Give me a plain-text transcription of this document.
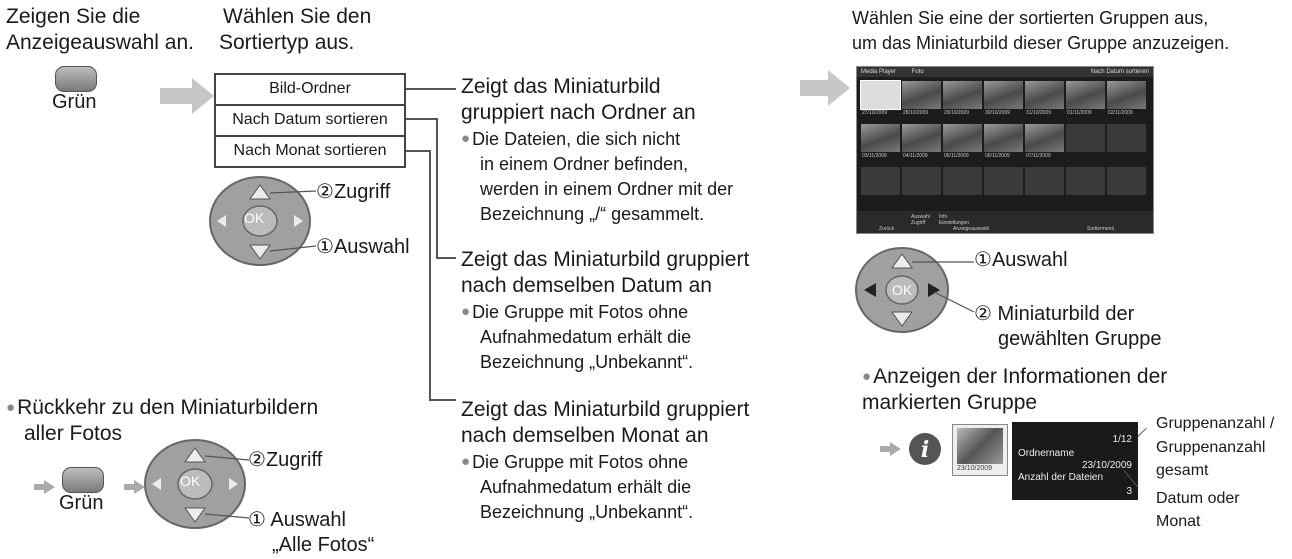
Zeigen Sie die
Anzeigeauswahl an.
Grün
Wählen Sie den
Sortiertyp aus.
Bild-Ordner
Nach Datum sortieren
Nach Monat sortieren
OK
②Zugriff
①Auswahl
Zeigt das Miniaturbild
gruppiert nach Ordner an
● Die Dateien, die sich nicht
in einem Ordner befinden,
werden in einem Ordner mit der
Bezeichnung „/“ gesammelt.
Zeigt das Miniaturbild gruppiert
nach demselben Datum an
● Die Gruppe mit Fotos ohne
Aufnahmedatum erhält die
Bezeichnung „Unbekannt“.
Zeigt das Miniaturbild gruppiert
nach demselben Monat an
● Die Gruppe mit Fotos ohne
Aufnahmedatum erhält die
Bezeichnung „Unbekannt“.
● Rückkehr zu den Miniaturbildern
aller Fotos
Grün
OK
②Zugriff
① Auswahl
„Alle Fotos“
Wählen Sie eine der sortierten Gruppen aus,
um das Miniaturbild dieser Gruppe anzuzeigen.
Media Player	Foto	Nach Datum sortieren
27/10/2009	28/10/2009	29/10/2009	30/10/2009	31/10/2009	01/11/2009	02/11/2009
03/11/2009	04/11/2009	05/11/2009	06/11/2009	07/11/2009
Zurück
Auswahl
Zugriff
Info
Einstellungen
Anzeigeauswahl	Sortiermenü
OK
①Auswahl
② Miniaturbild der
gewählten Gruppe
● Anzeigen der Informationen der
markierten Gruppe
i
23/10/2009
1/12
Ordnername
23/10/2009
Anzahl der Dateien
3
Gruppenanzahl /
Gruppenanzahl
gesamt
Datum oder
Monat
